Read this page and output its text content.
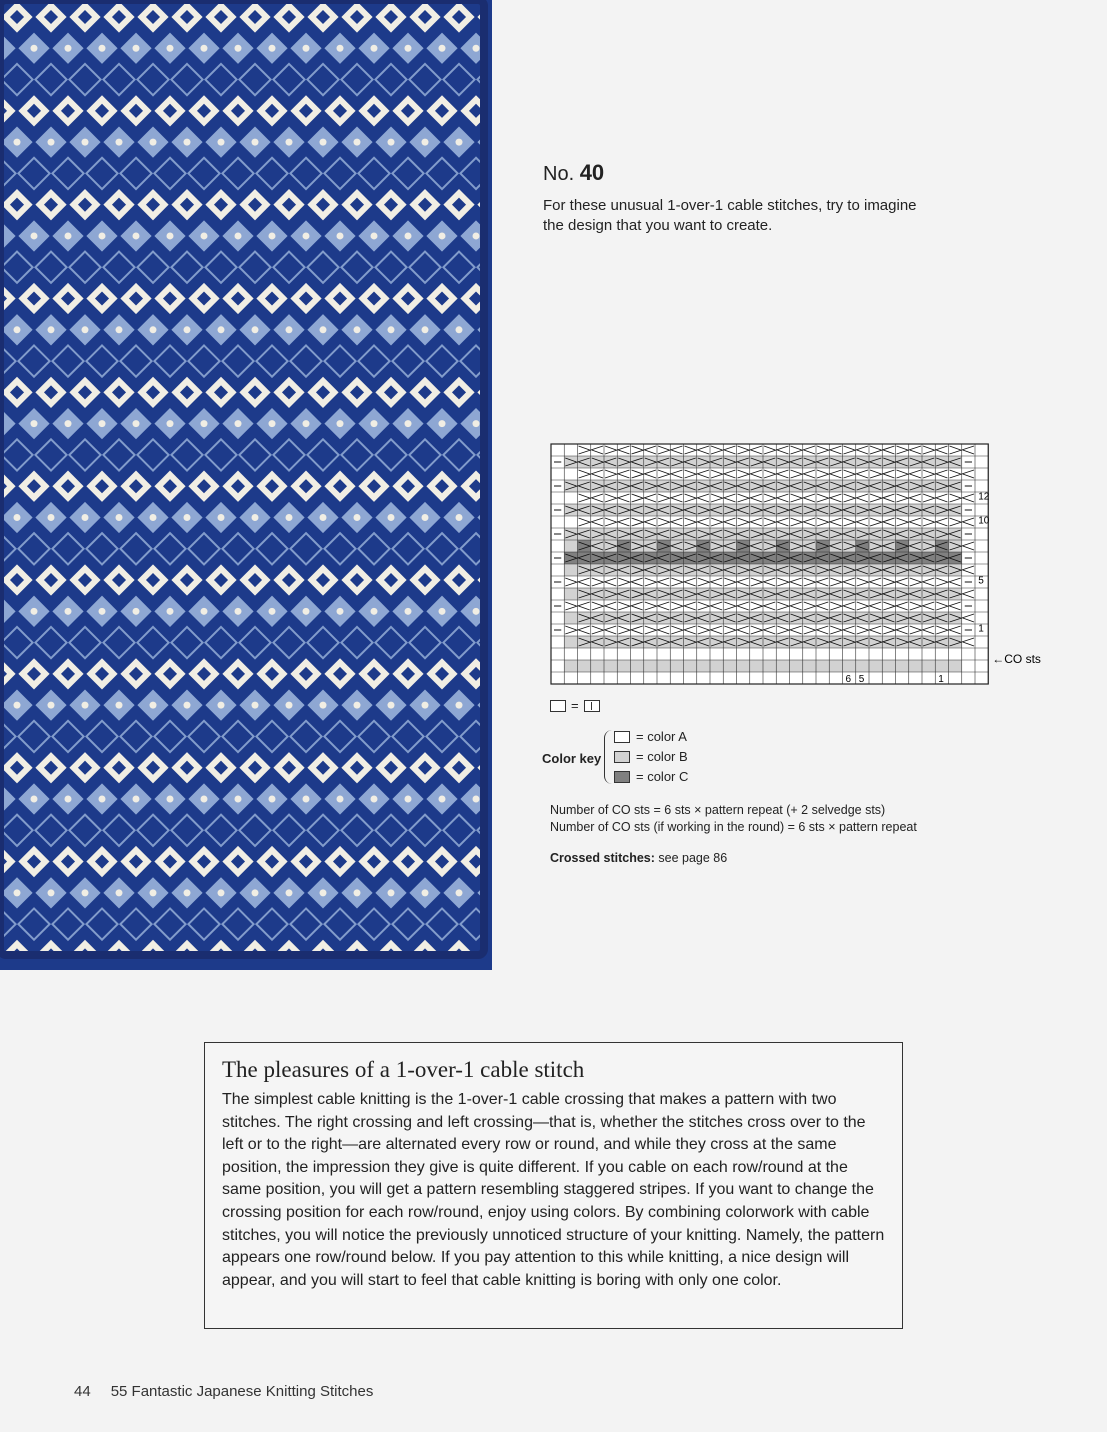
No. 40
For these unusual 1-over-1 cable stitches, try to imagine the design that you want to create.
12
10
5
1
6 5	1
←CO sts
=
Color key
= color A
= color B
= color C
Number of CO sts = 6 sts × pattern repeat (+ 2 selvedge sts)
Number of CO sts (if working in the round) = 6 sts × pattern repeat
Crossed stitches: see page 86
The pleasures of a 1-over-1 cable stitch

The simplest cable knitting is the 1-over-1 cable crossing that makes a pattern with two stitches. The right crossing and left crossing—that is, whether the stitches cross over to the left or to the right—are alternated every row or round, and while they cross at the same position, the impression they give is quite different. If you cable on each row/round at the same position, you will get a pattern resembling staggered stripes. If you want to change the crossing position for each row/round, enjoy using colors. By combining colorwork with cable stitches, you will notice the previously unnoticed structure of your knitting. Namely, the pattern appears one row/round below. If you pay attention to this while knitting, a nice design will appear, and you will start to feel that cable knitting is boring with only one color.

44 55 Fantastic Japanese Knitting Stitches
